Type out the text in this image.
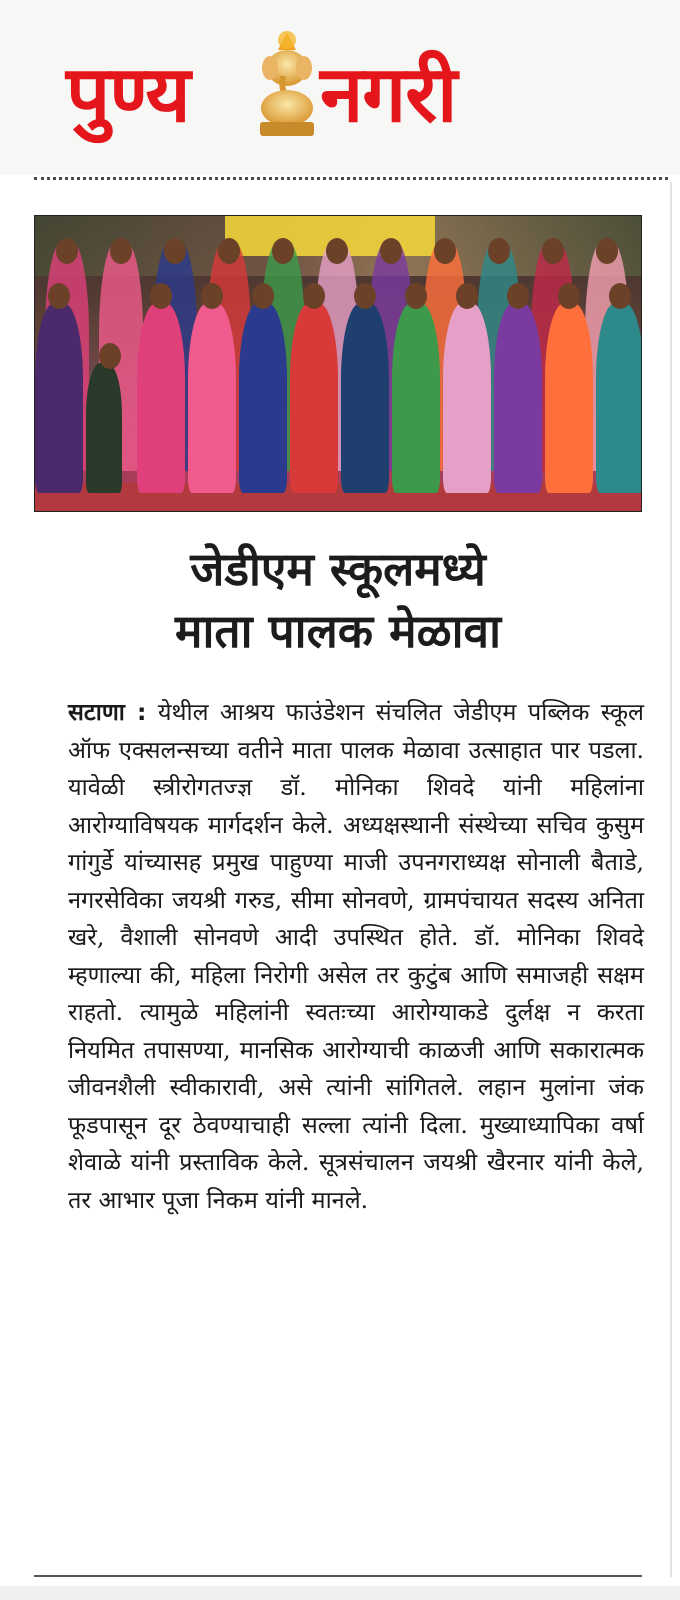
पुण्य नगरी
जेडीएम स्कूलमध्ये
माता पालक मेळावा
सटाणा : येथील आश्रय फाउंडेशन संचलित जेडीएम पब्लिक स्कूल ऑफ एक्सलन्सच्या वतीने माता पालक मेळावा उत्साहात पार पडला. यावेळी स्त्रीरोगतज्ज्ञ डॉ. मोनिका शिवदे यांनी महिलांना आरोग्याविषयक मार्गदर्शन केले. अध्यक्षस्थानी संस्थेच्या सचिव कुसुम गांगुर्डे यांच्यासह प्रमुख पाहुण्या माजी उपनगराध्यक्ष सोनाली बैताडे, नगरसेविका जयश्री गरुड, सीमा सोनवणे, ग्रामपंचायत सदस्य अनिता खरे, वैशाली सोनवणे आदी उपस्थित होते. डॉ. मोनिका शिवदे म्हणाल्या की, महिला निरोगी असेल तर कुटुंब आणि समाजही सक्षम राहतो. त्यामुळे महिलांनी स्वतःच्या आरोग्याकडे दुर्लक्ष न करता नियमित तपासण्या, मानसिक आरोग्याची काळजी आणि सकारात्मक जीवनशैली स्वीकारावी, असे त्यांनी सांगितले. लहान मुलांना जंक फूडपासून दूर ठेवण्याचाही सल्ला त्यांनी दिला. मुख्याध्यापिका वर्षा शेवाळे यांनी प्रस्ताविक केले. सूत्रसंचालन जयश्री खैरनार यांनी केले, तर आभार पूजा निकम यांनी मानले.
